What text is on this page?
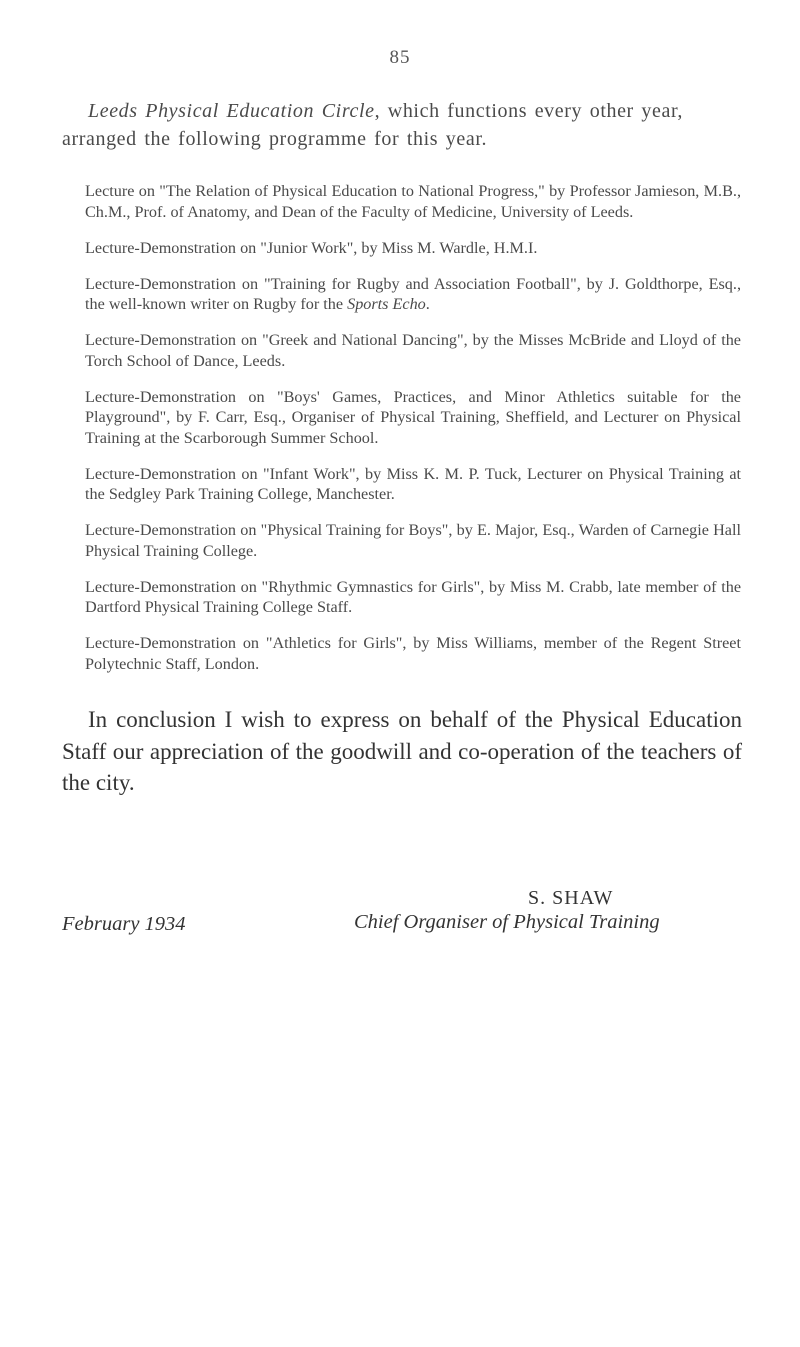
85

Leeds Physical Education Circle, which functions every other year, arranged the following programme for this year.

Lecture on "The Relation of Physical Education to National Progress," by Professor Jamieson, M.B., Ch.M., Prof. of Anatomy, and Dean of the Faculty of Medicine, University of Leeds.

Lecture-Demonstration on "Junior Work", by Miss M. Wardle, H.M.I.

Lecture-Demonstration on "Training for Rugby and Association Football", by J. Goldthorpe, Esq., the well-known writer on Rugby for the Sports Echo.

Lecture-Demonstration on "Greek and National Dancing", by the Misses McBride and Lloyd of the Torch School of Dance, Leeds.

Lecture-Demonstration on "Boys' Games, Practices, and Minor Athletics suitable for the Playground", by F. Carr, Esq., Organiser of Physical Training, Sheffield, and Lecturer on Physical Training at the Scarborough Summer School.

Lecture-Demonstration on "Infant Work", by Miss K. M. P. Tuck, Lecturer on Physical Training at the Sedgley Park Training College, Manchester.

Lecture-Demonstration on "Physical Training for Boys", by E. Major, Esq., Warden of Carnegie Hall Physical Training College.

Lecture-Demonstration on "Rhythmic Gymnastics for Girls", by Miss M. Crabb, late member of the Dartford Physical Training College Staff.

Lecture-Demonstration on "Athletics for Girls", by Miss Williams, member of the Regent Street Polytechnic Staff, London.

In conclusion I wish to express on behalf of the Physical Education Staff our appreciation of the goodwill and co-operation of the teachers of the city.

S. SHAW
February 1934	Chief Organiser of Physical Training
